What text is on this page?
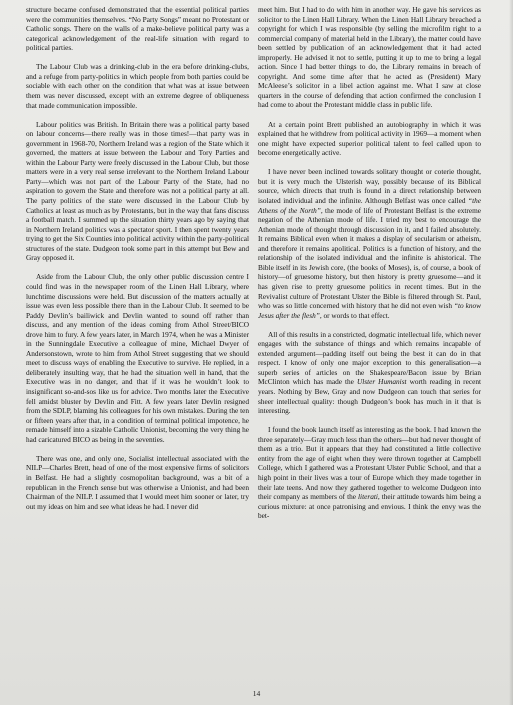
structure became confused demonstrated that the essential political parties were the communities themselves. “No Party Songs” meant no Protestant or Catholic songs. There on the walls of a make-believe political party was a categorical acknowledgement of the real-life situation with regard to political parties.

The Labour Club was a drinking-club in the era before drinking-clubs, and a refuge from party-politics in which people from both parties could be sociable with each other on the condition that what was at issue between them was never discussed, except with an extreme degree of obliqueness that made communication impossible.

Labour politics was British. In Britain there was a political party based on labour concerns—there really was in those times!—that party was in government in 1968-70, Northern Ireland was a region of the State which it governed, the matters at issue between the Labour and Tory Parties and within the Labour Party were freely discussed in the Labour Club, but those matters were in a very real sense irrelevant to the Northern Ireland Labour Party—which was not part of the Labour Party of the State, had no aspiration to govern the State and therefore was not a political party at all. The party politics of the state were discussed in the Labour Club by Catholics at least as much as by Protestants, but in the way that fans discuss a football match. I summed up the situation thirty years ago by saying that in Northern Ireland politics was a spectator sport. I then spent twenty years trying to get the Six Counties into political activity within the party-political structures of the state. Dudgeon took some part in this attempt but Bew and Gray opposed it.

Aside from the Labour Club, the only other public discussion centre I could find was in the newspaper room of the Linen Hall Library, where lunchtime discussions were held. But discussion of the matters actually at issue was even less possible there than in the Labour Club. It seemed to be Paddy Devlin’s bailiwick and Devlin wanted to sound off rather than discuss, and any mention of the ideas coming from Athol Street/BICO drove him to fury. A few years later, in March 1974, when he was a Minister in the Sunningdale Executive a colleague of mine, Michael Dwyer of Andersonstown, wrote to him from Athol Street suggesting that we should meet to discuss ways of enabling the Executive to survive. He replied, in a deliberately insulting way, that he had the situation well in hand, that the Executive was in no danger, and that if it was he wouldn’t look to insignificant so-and-sos like us for advice. Two months later the Executive fell amidst bluster by Devlin and Fitt. A few years later Devlin resigned from the SDLP, blaming his colleagues for his own mistakes. During the ten or fifteen years after that, in a condition of terminal political impotence, he remade himself into a sizable Catholic Unionist, becoming the very thing he had caricatured BICO as being in the seventies.

There was one, and only one, Socialist intellectual associated with the NILP—Charles Brett, head of one of the most expensive firms of solicitors in Belfast. He had a slightly cosmopolitan background, was a bit of a republican in the French sense but was otherwise a Unionist, and had been Chairman of the NILP. I assumed that I would meet him sooner or later, try out my ideas on him and see what ideas he had. I never did

meet him. But I had to do with him in another way. He gave his services as solicitor to the Linen Hall Library. When the Linen Hall Library breached a copyright for which I was responsible (by selling the microfilm right to a commercial company of material held in the Library), the matter could have been settled by publication of an acknowledgement that it had acted improperly. He advised it not to settle, putting it up to me to bring a legal action. Since I had better things to do, the Library remains in breach of copyright. And some time after that he acted as (President) Mary McAleese’s solicitor in a libel action against me. What I saw at close quarters in the course of defending that action confirmed the conclusion I had come to about the Protestant middle class in public life.

At a certain point Brett published an autobiography in which it was explained that he withdrew from political activity in 1969—a moment when one might have expected superior political talent to feel called upon to become energetically active.

I have never been inclined towards solitary thought or coterie thought, but it is very much the Ulsterish way, possibly because of its Biblical source, which directs that truth is found in a direct relationship between isolated individual and the infinite. Although Belfast was once called “the Athens of the North”, the mode of life of Protestant Belfast is the extreme negation of the Athenian mode of life. I tried my best to encourage the Athenian mode of thought through discussion in it, and I failed absolutely. It remains Biblical even when it makes a display of secularism or atheism, and therefore it remains apolitical. Politics is a function of history, and the relationship of the isolated individual and the infinite is ahistorical. The Bible itself in its Jewish core, (the books of Moses), is, of course, a book of history—of gruesome history, but then history is pretty gruesome—and it has given rise to pretty gruesome politics in recent times. But in the Revivalist culture of Protestant Ulster the Bible is filtered through St. Paul, who was so little concerned with history that he did not even wish “to know Jesus after the flesh”, or words to that effect.

All of this results in a constricted, dogmatic intellectual life, which never engages with the substance of things and which remains incapable of extended argument—padding itself out being the best it can do in that respect. I know of only one major exception to this generalisation—a superb series of articles on the Shakespeare/Bacon issue by Brian McClinton which has made the Ulster Humanist worth reading in recent years. Nothing by Bew, Gray and now Dudgeon can touch that series for sheer intellectual quality: though Dudgeon’s book has much in it that is interesting.

I found the book launch itself as interesting as the book. I had known the three separately—Gray much less than the others—but had never thought of them as a trio. But it appears that they had constituted a little collective entity from the age of eight when they were thrown together at Campbell College, which I gathered was a Protestant Ulster Public School, and that a high point in their lives was a tour of Europe which they made together in their late teens. And now they gathered together to welcome Dudgeon into their company as members of the literati, their attitude towards him being a curious mixture: at once patronising and envious. I think the envy was the bet-

14
